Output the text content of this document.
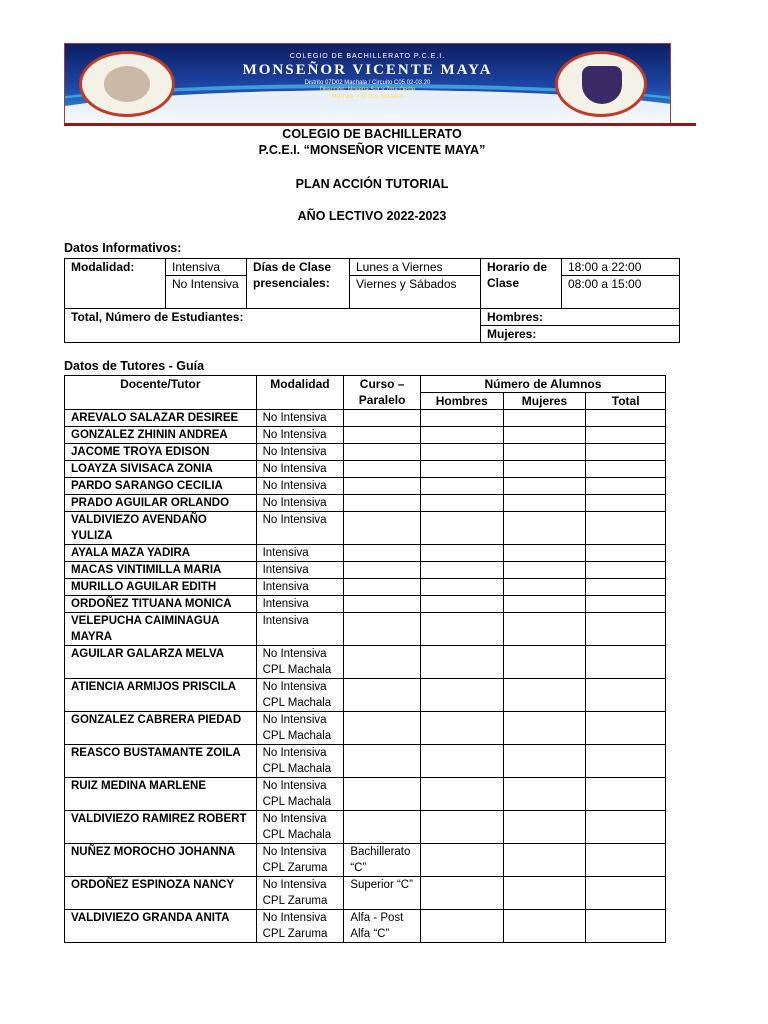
COLEGIO DE BACHILLERATO P.C.E.I.
MONSEÑOR VICENTE MAYA
Distrito 07D02 Machala / Circuito C05.02-03.20
Dirección: Novena Sur y 7ma Oeste
Machala – El Oro- Ecuador
COLEGIO DE BACHILLERATO
P.C.E.I. “MONSEÑOR VICENTE MAYA”
PLAN ACCIÓN TUTORIAL
AÑO LECTIVO 2022-2023
Datos Informativos:
Modalidad:	Intensiva	Días de Clase presenciales:	Lunes a Viernes	Horario de Clase	18:00 a 22:00
	No Intensiva		Viernes y Sábados		08:00 a 15:00
Total, Número de Estudiantes:				Hombres:	
				Mujeres:	
Datos de Tutores - Guía
Docente/Tutor	Modalidad	Curso – Paralelo	Número de Alumnos		
			Hombres	Mujeres	Total
AREVALO SALAZAR DESIREE	No Intensiva				
GONZALEZ ZHININ ANDREA	No Intensiva				
JACOME TROYA EDISON	No Intensiva				
LOAYZA SIVISACA ZONIA	No Intensiva				
PARDO SARANGO CECILIA	No Intensiva				
PRADO AGUILAR ORLANDO	No Intensiva				
VALDIVIEZO AVENDAÑO YULIZA	No Intensiva				
AYALA MAZA YADIRA	Intensiva				
MACAS VINTIMILLA MARIA	Intensiva				
MURILLO AGUILAR EDITH	Intensiva				
ORDOÑEZ TITUANA MONICA	Intensiva				
VELEPUCHA CAIMINAGUA MAYRA	Intensiva				
AGUILAR GALARZA MELVA	No Intensiva CPL Machala				
ATIENCIA ARMIJOS PRISCILA	No Intensiva CPL Machala				
GONZALEZ CABRERA PIEDAD	No Intensiva CPL Machala				
REASCO BUSTAMANTE ZOILA	No Intensiva CPL Machala				
RUIZ MEDINA MARLENE	No Intensiva CPL Machala				
VALDIVIEZO RAMIREZ ROBERT	No Intensiva CPL Machala				
NUÑEZ MOROCHO JOHANNA	No Intensiva CPL Zaruma	Bachillerato “C”			
ORDOÑEZ ESPINOZA NANCY	No Intensiva CPL Zaruma	Superior “C”			
VALDIVIEZO GRANDA ANITA	No Intensiva CPL Zaruma	Alfa - Post Alfa “C”			
